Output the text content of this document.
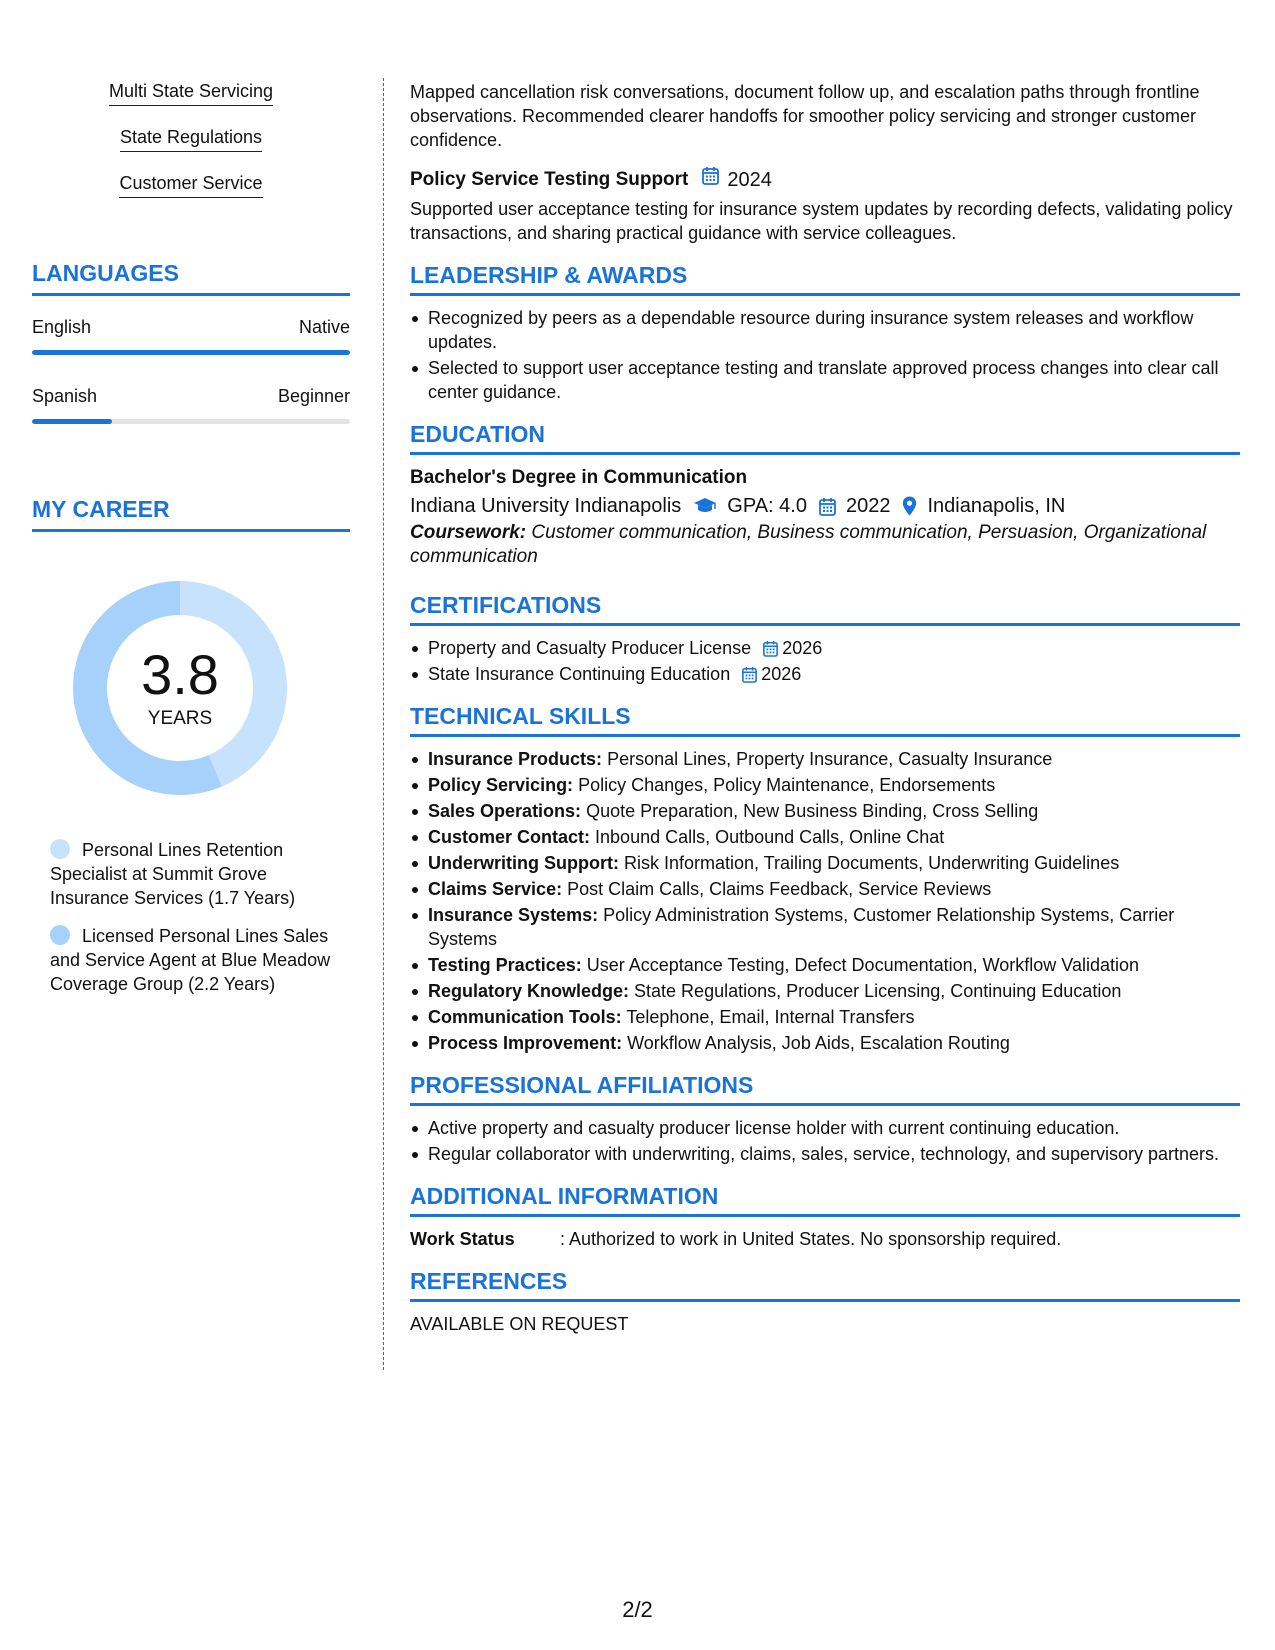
Multi State Servicing
State Regulations
Customer Service
LANGUAGES
English	Native
Spanish	Beginner
MY CAREER
3.8
YEARS
Personal Lines Retention Specialist at Summit Grove Insurance Services (1.7 Years)
Licensed Personal Lines Sales and Service Agent at Blue Meadow Coverage Group (2.2 Years)

Mapped cancellation risk conversations, document follow up, and escalation paths through frontline observations. Recommended clearer handoffs for smoother policy servicing and stronger customer confidence.

Policy Service Testing Support 2024

Supported user acceptance testing for insurance system updates by recording defects, validating policy transactions, and sharing practical guidance with service colleagues.

LEADERSHIP & AWARDS
Recognized by peers as a dependable resource during insurance system releases and workflow updates.
Selected to support user acceptance testing and translate approved process changes into clear call center guidance.
EDUCATION
Bachelor's Degree in Communication
Indiana University Indianapolis GPA: 4.0 2022 Indianapolis, IN

Coursework: Customer communication, Business communication, Persuasion, Organizational communication

CERTIFICATIONS
Property and Casualty Producer License 2026
State Insurance Continuing Education 2026
TECHNICAL SKILLS
Insurance Products: Personal Lines, Property Insurance, Casualty Insurance
Policy Servicing: Policy Changes, Policy Maintenance, Endorsements
Sales Operations: Quote Preparation, New Business Binding, Cross Selling
Customer Contact: Inbound Calls, Outbound Calls, Online Chat
Underwriting Support: Risk Information, Trailing Documents, Underwriting Guidelines
Claims Service: Post Claim Calls, Claims Feedback, Service Reviews
Insurance Systems: Policy Administration Systems, Customer Relationship Systems, Carrier Systems
Testing Practices: User Acceptance Testing, Defect Documentation, Workflow Validation
Regulatory Knowledge: State Regulations, Producer Licensing, Continuing Education
Communication Tools: Telephone, Email, Internal Transfers
Process Improvement: Workflow Analysis, Job Aids, Escalation Routing
PROFESSIONAL AFFILIATIONS
Active property and casualty producer license holder with current continuing education.
Regular collaborator with underwriting, claims, sales, service, technology, and supervisory partners.
ADDITIONAL INFORMATION
Work Status	: Authorized to work in United States. No sponsorship required.
REFERENCES

AVAILABLE ON REQUEST

2/2
